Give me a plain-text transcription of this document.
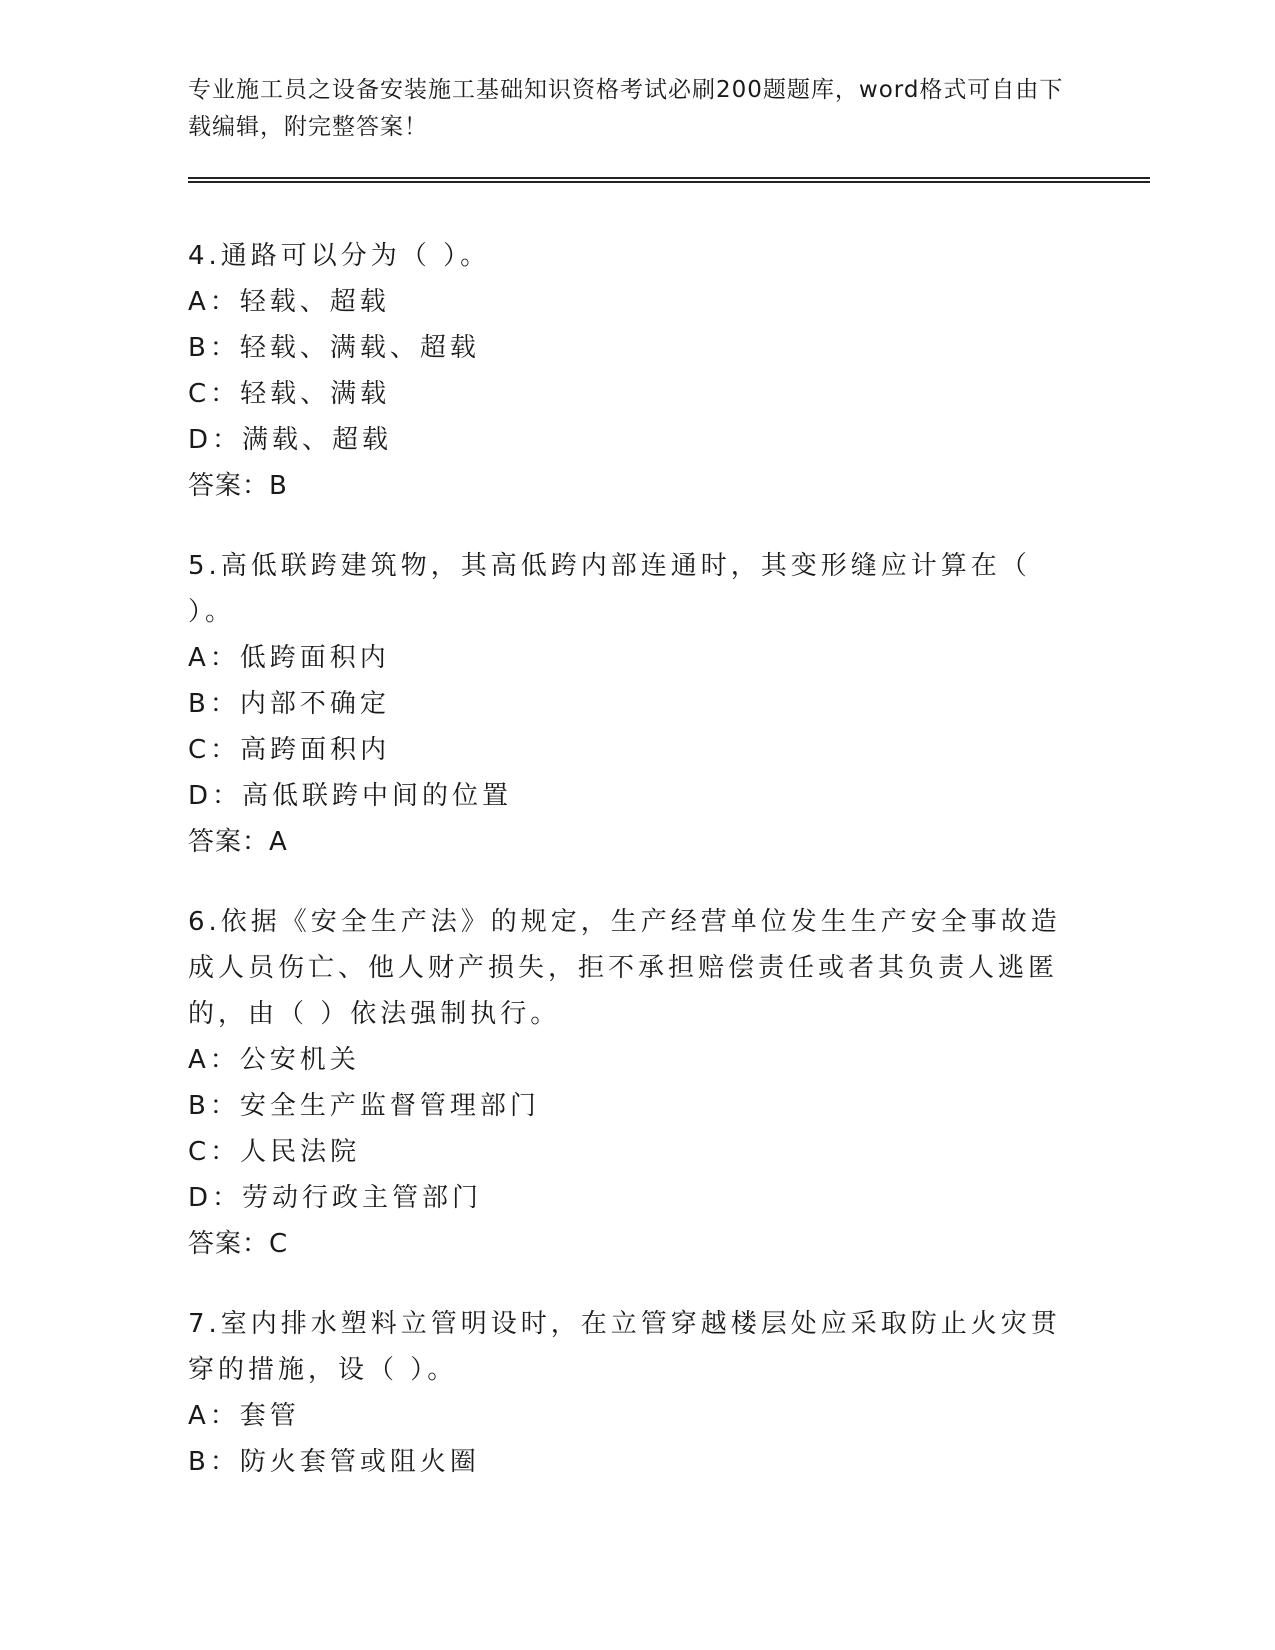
专业施工员之设备安装施工基础知识资格考试必刷200题题库，word格式可自由下载编辑，附完整答案！

4.通路可以分为（ ）。

A：轻载、超载

B：轻载、满载、超载

C：轻载、满载

D：满载、超载

答案：B

5.高低联跨建筑物，其高低跨内部连通时，其变形缝应计算在（ ）。

A：低跨面积内

B：内部不确定

C：高跨面积内

D：高低联跨中间的位置

答案：A

6.依据《安全生产法》的规定，生产经营单位发生生产安全事故造成人员伤亡、他人财产损失，拒不承担赔偿责任或者其负责人逃匿的，由（ ）依法强制执行。

A：公安机关

B：安全生产监督管理部门

C：人民法院

D：劳动行政主管部门

答案：C

7.室内排水塑料立管明设时，在立管穿越楼层处应采取防止火灾贯穿的措施，设（ ）。

A：套管

B：防火套管或阻火圈
